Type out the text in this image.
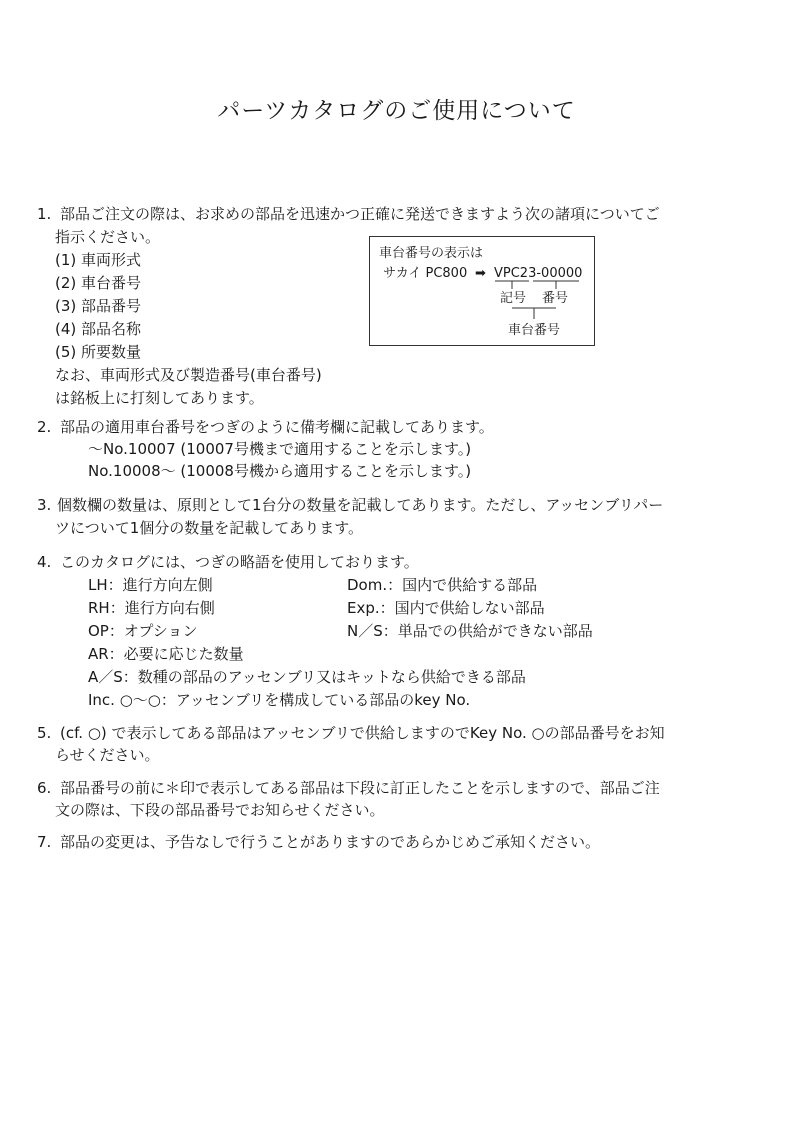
パーツカタログのご使用について
1. 部品ご注文の際は、お求めの部品を迅速かつ正確に発送できますよう次の諸項についてご
指示ください。
(1) 車両形式
(2) 車台番号
(3) 部品番号
(4) 部品名称
(5) 所要数量
なお、車両形式及び製造番号(車台番号)
は銘板上に打刻してあります。
車台番号の表示は
サカイ PC800 ➡ VPC23-00000
記号 番号
車台番号
2. 部品の適用車台番号をつぎのように備考欄に記載してあります。
～No.10007 (10007号機まで適用することを示します。)
No.10008～ (10008号機から適用することを示します。)
3. 個数欄の数量は、原則として1台分の数量を記載してあります。ただし、アッセンブリパー
ツについて1個分の数量を記載してあります。
4. このカタログには、つぎの略語を使用しております。
LH：進行方向左側
RH：進行方向右側
OP：オプション
AR：必要に応じた数量
A／S：数種の部品のアッセンブリ又はキットなら供給できる部品
Inc. ○～○：アッセンブリを構成している部品のkey No.
Dom.：国内で供給する部品
Exp.：国内で供給しない部品
N／S：単品での供給ができない部品
5. (cf. ○) で表示してある部品はアッセンブリで供給しますのでKey No. ○の部品番号をお知
らせください。
6. 部品番号の前に＊印で表示してある部品は下段に訂正したことを示しますので、部品ご注
文の際は、下段の部品番号でお知らせください。
7. 部品の変更は、予告なしで行うことがありますのであらかじめご承知ください。
